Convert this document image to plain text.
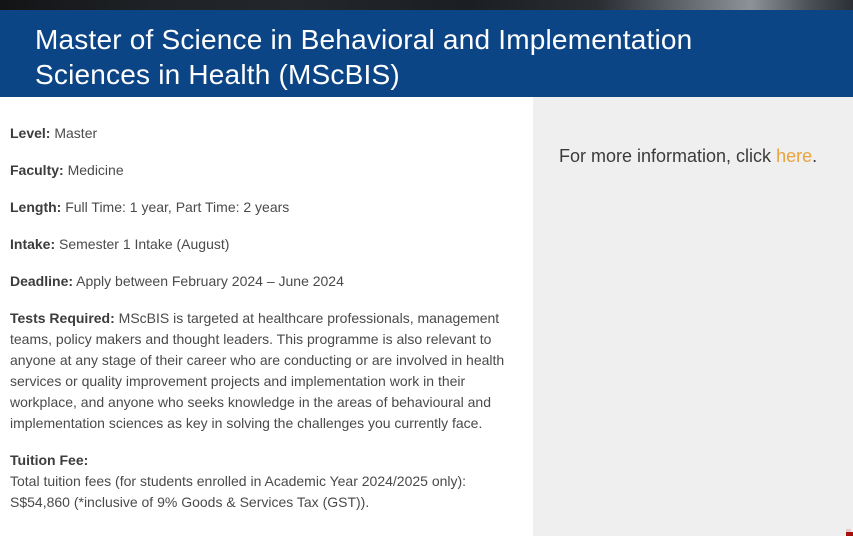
Master of Science in Behavioral and Implementation
Sciences in Health (MScBIS)

Level: Master

Faculty: Medicine

Length: Full Time: 1 year, Part Time: 2 years

Intake: Semester 1 Intake (August)

Deadline: Apply between February 2024 – June 2024

Tests Required: MScBIS is targeted at healthcare professionals, management teams, policy makers and thought leaders. This programme is also relevant to anyone at any stage of their career who are conducting or are involved in health services or quality improvement projects and implementation work in their workplace, and anyone who seeks knowledge in the areas of behavioural and implementation sciences as key in solving the challenges you currently face.

Tuition Fee:
Total tuition fees (for students enrolled in Academic Year 2024/2025 only): S$54,860 (*inclusive of 9% Goods & Services Tax (GST)).

For more information, click here.
